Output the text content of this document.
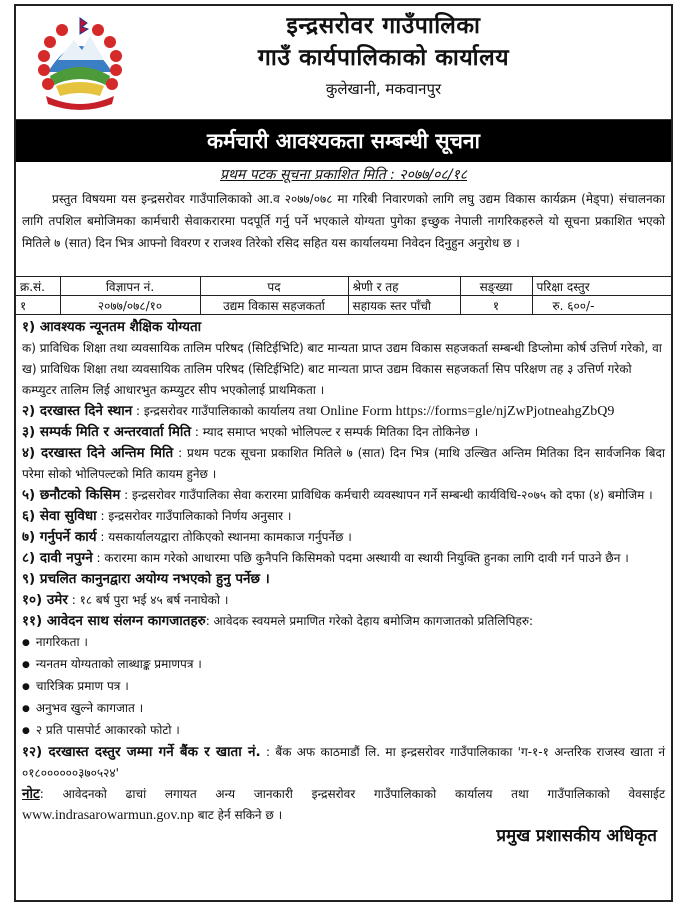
इन्द्रसरोवर गाउँपालिका
गाउँ कार्यपालिकाको कार्यालय
कुलेखानी, मकवानपुर
कर्मचारी आवश्यकता सम्बन्धी सूचना
प्रथम पटक सूचना प्रकाशित मिति : २०७७/०८/१८

प्रस्तुत विषयमा यस इन्द्रसरोवर गाउँपालिकाको आ.व २०७७/०७८ मा गरिबी निवारणको लागि लघु उद्यम विकास कार्यक्रम (मेड्पा) संचालनका लागि तपशिल बमोजिमका कार्मचारी सेवाकरारमा पदपूर्ति गर्नु पर्ने भएकाले योग्यता पुगेका इच्छुक नेपाली नागरिकहरुले यो सूचना प्रकाशित भएको मितिले ७ (सात) दिन भित्र आफ्नो विवरण र राजश्व तिरेको रसिद सहित यस कार्यालयमा निवेदन दिनुहुन अनुरोध छ ।

क्र.सं.	विज्ञापन नं.	पद	श्रेणी र तह	सङ्ख्या	परिक्षा दस्तुर
१	२०७७/०७८/१०	उद्यम विकास सहजकर्ता	सहायक स्तर पाँचौ	१	रु. ६००/-
१) आवश्यक न्यूनतम शैक्षिक योग्यता
क) प्राविधिक शिक्षा तथा व्यवसायिक तालिम परिषद (सिटिईभिटि) बाट मान्यता प्राप्त उद्यम विकास सहजकर्ता सम्बन्धी डिप्लोमा कोर्ष उत्तिर्ण गरेको, वा
ख) प्राविधिक शिक्षा तथा व्यवसायिक तालिम परिषद (सिटिईभिटि) बाट मान्यता प्राप्त उद्यम विकास सहजकर्ता सिप परिक्षण तह ३ उत्तिर्ण गरेको
कम्प्युटर तालिम लिई आधारभुत कम्प्युटर सीप भएकोलाई प्राथमिकता ।
२) दरखास्त दिने स्थान : इन्द्रसरोवर गाउँपालिकाको कार्यालय तथा Online Form https://forms=gle/njZwPjotneahgZbQ9
३) सम्पर्क मिति र अन्तरवार्ता मिति : म्याद समाप्त भएको भोलिपल्ट र सम्पर्क मितिका दिन तोकिनेछ ।
४) दरखास्त दिने अन्तिम मिति : प्रथम पटक सूचना प्रकाशित मितिले ७ (सात) दिन भित्र (माथि उल्खित अन्तिम मितिका दिन सार्वजनिक बिदा परेमा सोको भोलिपल्टको मिति कायम हुनेछ ।
५) छनौटको किसिम : इन्द्रसरोवर गाउँपालिका सेवा करारमा प्राविधिक कर्मचारी व्यवस्थापन गर्ने सम्बन्धी कार्यविधि-२०७५ को दफा (४) बमोजिम ।
६) सेवा सुविधा : इन्द्रसरोवर गाउँपालिकाको निर्णय अनुसार ।
७) गर्नुपर्ने कार्य : यसकार्यालयद्वारा तोकिएको स्थानमा कामकाज गर्नुपर्नेछ ।
८) दावी नपुग्ने : करारमा काम गरेको आधारमा पछि कुनैपनि किसिमको पदमा अस्थायी वा स्थायी नियुक्ति हुनका लागि दावी गर्न पाउने छैन ।
९) प्रचलित कानुनद्वारा अयोग्य नभएको हुनु पर्नेछ ।
१०) उमेर : १८ बर्ष पुरा भई ४५ बर्ष ननाघेको ।
११) आवेदन साथ संलग्न कागजातहरु: आवेदक स्वयमले प्रमाणित गरेको देहाय बमोजिम कागजातको प्रतिलिपिहरु:
● नागरिकता ।
● न्यनतम योग्यताको लाब्धाङ्क प्रमाणपत्र ।
● चारित्रिक प्रमाण पत्र ।
● अनुभव खुल्ने कागजात ।
● २ प्रति पासपोर्ट आकारको फोटो ।
१२) दरखास्त दस्तुर जम्मा गर्ने बैंक र खाता नं. : बैंक अफ काठमाडौं लि. मा इन्द्रसरोवर गाउँपालिकाका 'ग-१-१ अन्तरिक राजस्व खाता नं ०१८००००००३७०५२४'
नोट: आवेदनको ढाचां लगायत अन्य जानकारी इन्द्रसरोवर गाउँपालिकाको कार्यालय तथा गाउँपालिकाको वेवसाईट www.indrasarowarmun.gov.np बाट हेर्न सकिने छ ।
प्रमुख प्रशासकीय अधिकृत
